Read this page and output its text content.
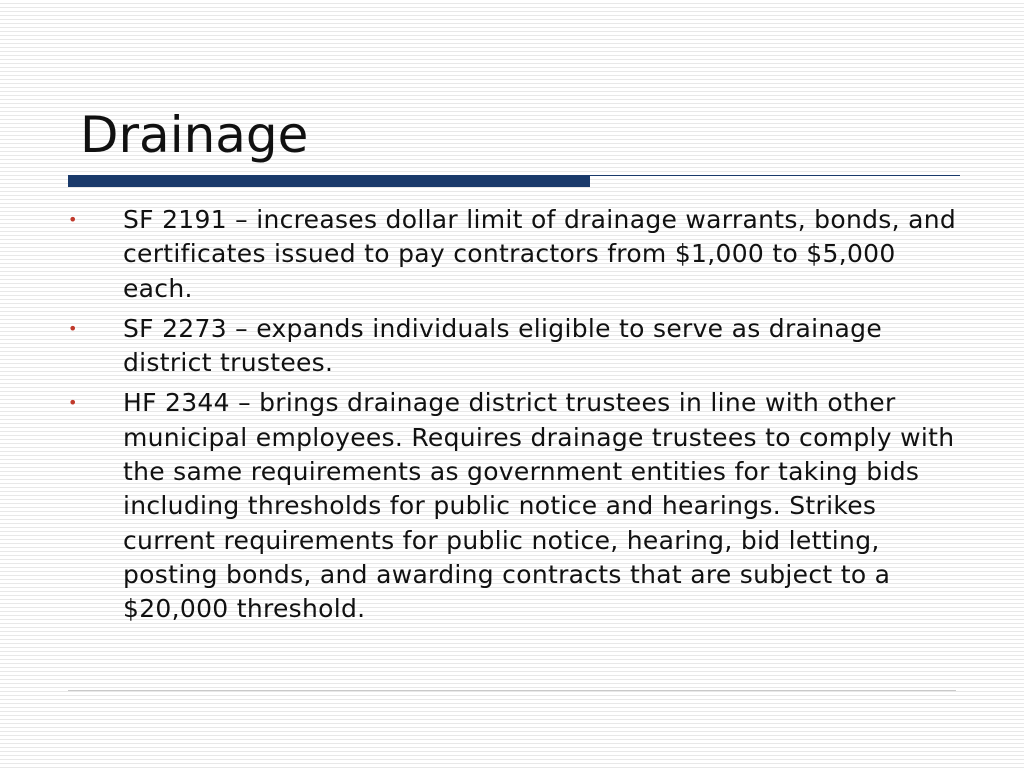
Drainage
• SF 2191 – increases dollar limit of drainage warrants, bonds, and certificates issued to pay contractors from $1,000 to $5,000 each.
• SF 2273 – expands individuals eligible to serve as drainage district trustees.
• HF 2344 – brings drainage district trustees in line with other municipal employees. Requires drainage trustees to comply with the same requirements as government entities for taking bids including thresholds for public notice and hearings. Strikes current requirements for public notice, hearing, bid letting, posting bonds, and awarding contracts that are subject to a $20,000 threshold.
